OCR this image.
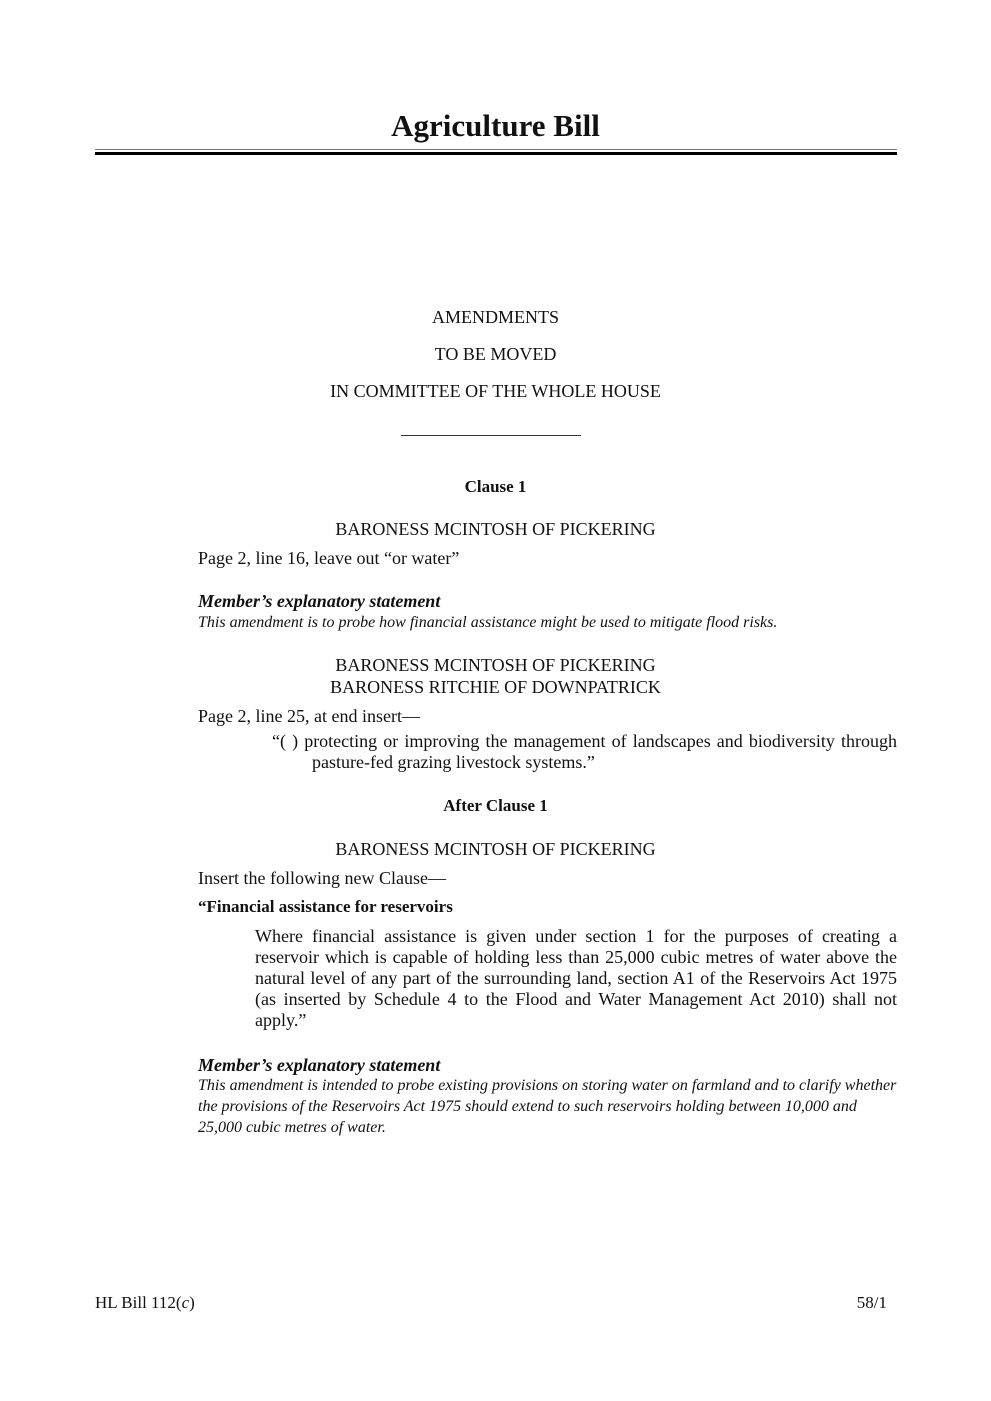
Agriculture Bill
AMENDMENTS
TO BE MOVED
IN COMMITTEE OF THE WHOLE HOUSE
Clause 1
BARONESS MCINTOSH OF PICKERING
Page 2, line 16, leave out “or water”
Member’s explanatory statement
This amendment is to probe how financial assistance might be used to mitigate flood risks.
BARONESS MCINTOSH OF PICKERING
BARONESS RITCHIE OF DOWNPATRICK
Page 2, line 25, at end insert—
“( ) protecting or improving the management of landscapes and biodiversity through pasture-fed grazing livestock systems.”
After Clause 1
BARONESS MCINTOSH OF PICKERING
Insert the following new Clause—
“Financial assistance for reservoirs
Where financial assistance is given under section 1 for the purposes of creating a reservoir which is capable of holding less than 25,000 cubic metres of water above the natural level of any part of the surrounding land, section A1 of the Reservoirs Act 1975 (as inserted by Schedule 4 to the Flood and Water Management Act 2010) shall not apply.”
Member’s explanatory statement
This amendment is intended to probe existing provisions on storing water on farmland and to clarify whether the provisions of the Reservoirs Act 1975 should extend to such reservoirs holding between 10,000 and 25,000 cubic metres of water.
HL Bill 112(c)	58/1
